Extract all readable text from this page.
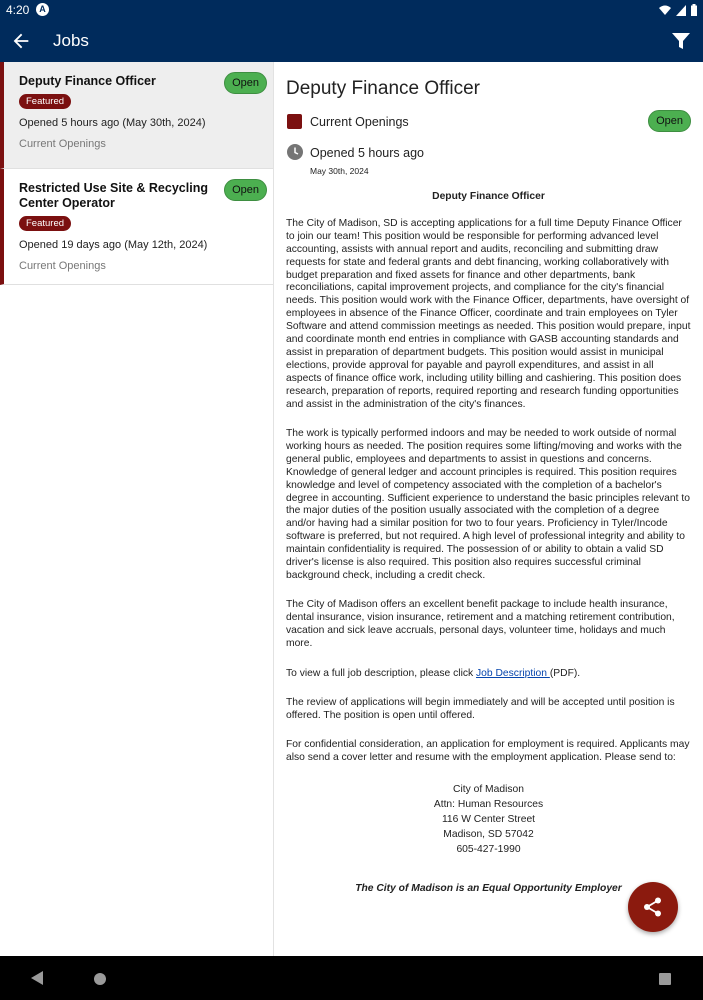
4:20	A
Jobs
Deputy Finance Officer	Open
Featured
Opened 5 hours ago (May 30th, 2024)
Current Openings
Restricted Use Site & Recycling Center Operator
Open
Featured
Opened 19 days ago (May 12th, 2024)
Current Openings
Deputy Finance Officer
Current Openings	Open
Opened 5 hours ago
May 30th, 2024
Deputy Finance Officer

The City of Madison, SD is accepting applications for a full time Deputy Finance Officer to join our team! This position would be responsible for performing advanced level accounting, assists with annual report and audits, reconciling and submitting draw requests for state and federal grants and debt financing, working collaboratively with budget preparation and fixed assets for finance and other departments, bank reconciliations, capital improvement projects, and compliance for the city's financial needs. This position would work with the Finance Officer, departments, have oversight of employees in absence of the Finance Officer, coordinate and train employees on Tyler Software and attend commission meetings as needed. This position would prepare, input and coordinate month end entries in compliance with GASB accounting standards and assist in preparation of department budgets. This position would assist in municipal elections, provide approval for payable and payroll expenditures, and assist in all aspects of finance office work, including utility billing and cashiering. This position does research, preparation of reports, required reporting and research funding opportunities and assist in the administration of the city's finances.

The work is typically performed indoors and may be needed to work outside of normal working hours as needed. The position requires some lifting/moving and works with the general public, employees and departments to assist in questions and concerns. Knowledge of general ledger and account principles is required. This position requires knowledge and level of competency associated with the completion of a bachelor's degree in accounting. Sufficient experience to understand the basic principles relevant to the major duties of the position usually associated with the completion of a degree and/or having had a similar position for two to four years. Proficiency in Tyler/Incode software is preferred, but not required. A high level of professional integrity and ability to maintain confidentiality is required. The possession of or ability to obtain a valid SD driver's license is also required. This position also requires successful criminal background check, including a credit check.

The City of Madison offers an excellent benefit package to include health insurance, dental insurance, vision insurance, retirement and a matching retirement contribution, vacation and sick leave accruals, personal days, volunteer time, holidays and much more.

To view a full job description, please click Job Description (PDF).

The review of applications will begin immediately and will be accepted until position is offered. The position is open until offered.

For confidential consideration, an application for employment is required. Applicants may also send a cover letter and resume with the employment application. Please send to:

City of Madison
Attn: Human Resources
116 W Center Street
Madison, SD 57042
605-427-1990
The City of Madison is an Equal Opportunity Employer
